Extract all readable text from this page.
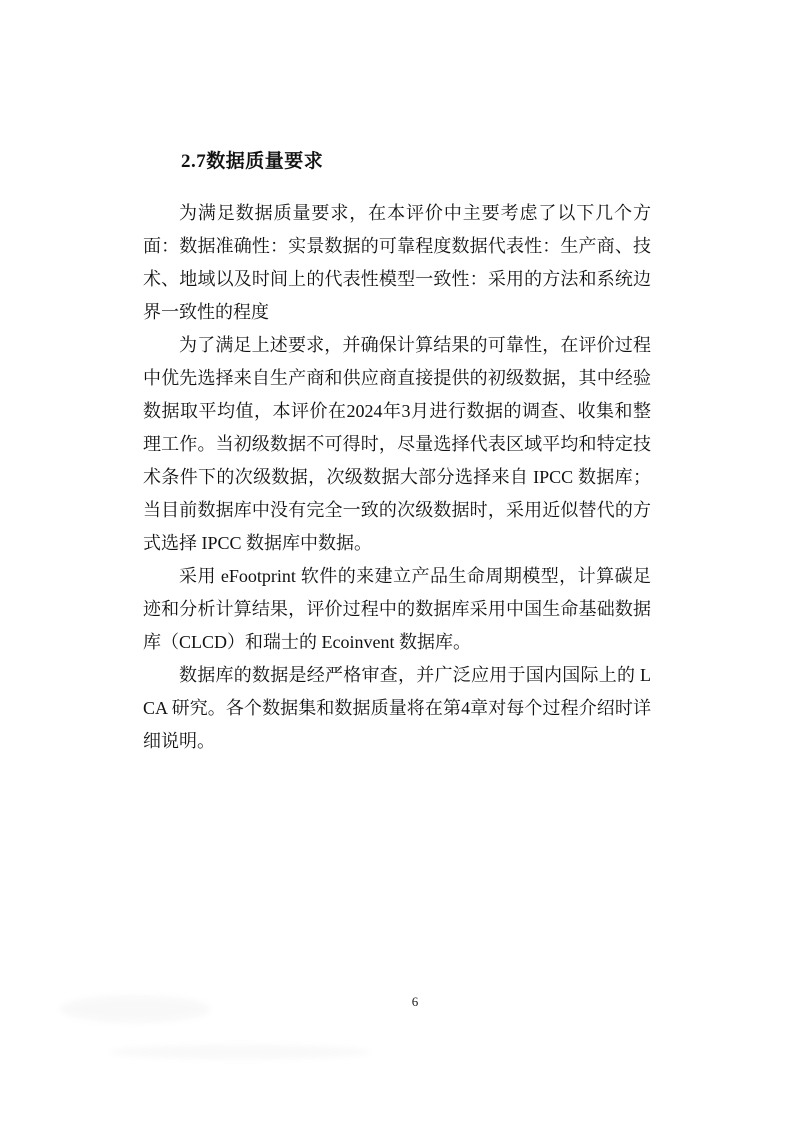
2.7数据质量要求

为满足数据质量要求，在本评价中主要考虑了以下几个方面：数据准确性：实景数据的可靠程度数据代表性：生产商、技术、地域以及时间上的代表性模型一致性：采用的方法和系统边界一致性的程度

为了满足上述要求，并确保计算结果的可靠性，在评价过程中优先选择来自生产商和供应商直接提供的初级数据，其中经验数据取平均值，本评价在2024年3月进行数据的调查、收集和整理工作。当初级数据不可得时，尽量选择代表区域平均和特定技术条件下的次级数据，次级数据大部分选择来自 IPCC 数据库；当目前数据库中没有完全一致的次级数据时，采用近似替代的方式选择 IPCC 数据库中数据。

采用 eFootprint 软件的来建立产品生命周期模型，计算碳足迹和分析计算结果，评价过程中的数据库采用中国生命基础数据库（CLCD）和瑞士的 Ecoinvent 数据库。

数据库的数据是经严格审查，并广泛应用于国内国际上的 LCA 研究。各个数据集和数据质量将在第4章对每个过程介绍时详细说明。

6
